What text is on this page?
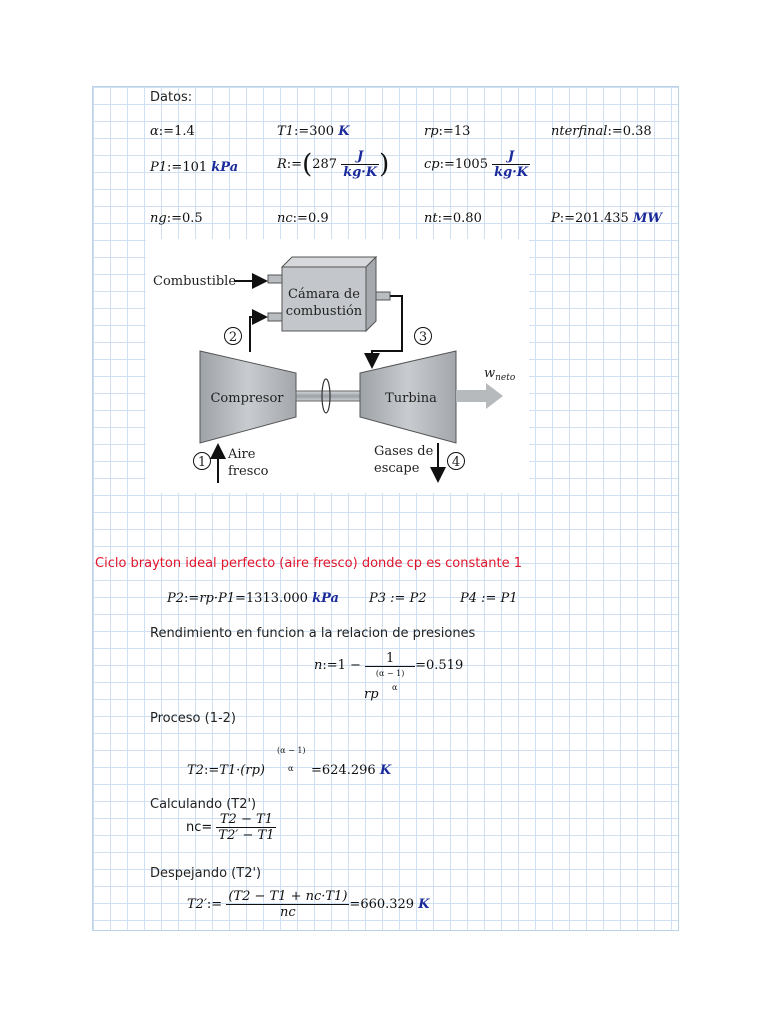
Datos:
α:=1.4	T1:=300 K	rp:=13	nterfinal:=0.38
P1:=101 kPa	R:=(287 $\frac{J}{kg\cdot K}$ )	cp:=1005 $\frac{J}{kg\cdot K}$
ng:=0.5	nc:=0.9	nt:=0.80	P:=201.435 MW
Cámara de
combustión
Combustible
Compresor	Turbina
$w_{neto}$
Aire
fresco
Gases de
escape
1
2	3
4
Ciclo brayton ideal perfecto (aire fresco) donde cp es constante 1
P2:=rp·P1=1313.000 kPa P3 := P2	P4 := P1
Rendimiento en funcion a la relacion de presiones
n:=1 − $\frac{1}{(\alpha - 1)} =0.519$
rp α
Proceso (1-2)
(α − 1)
α
T2:=T1·(rp)	=624.296 K
Calculando (T2')
$nc= \frac{T2 - T1}{T2' - T1}$
Despejando (T2')
T2′:= $\frac{(T2 - T1 + nc\cdot T1)}{nc} =660.329$ K
